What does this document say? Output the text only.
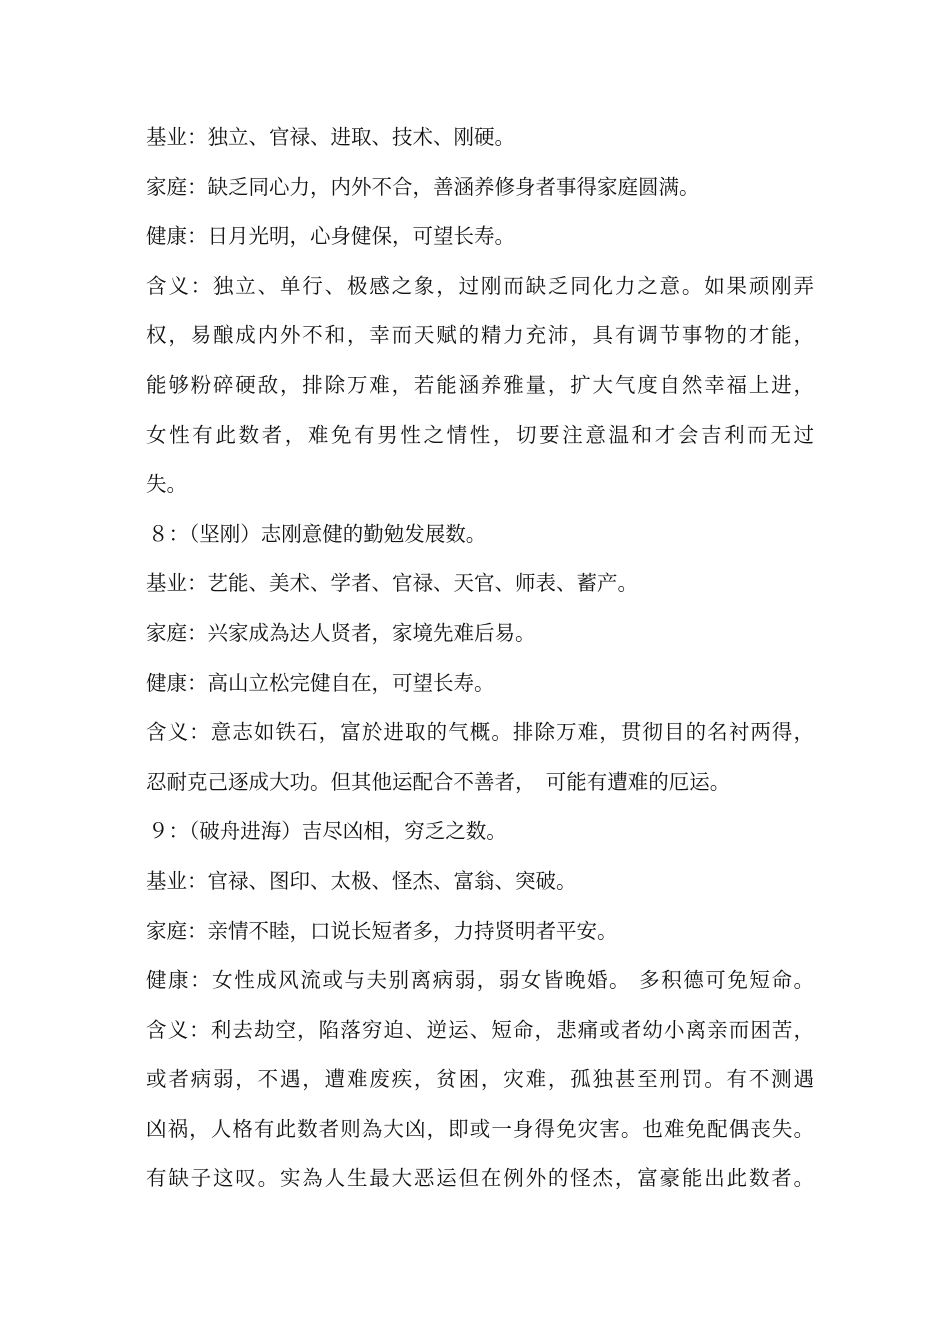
基业：独立、官禄、进取、技术、刚硬。
家庭：缺乏同心力，内外不合，善涵养修身者事得家庭圆满。
健康：日月光明，心身健保，可望长寿。
含义：独立、单行、极感之象，过刚而缺乏同化力之意。如果顽刚弄
权，易酿成内外不和，幸而天赋的精力充沛，具有调节事物的才能，
能够粉碎硬敌，排除万难，若能涵养雅量，扩大气度自然幸福上进，
女性有此数者，难免有男性之情性，切要注意温和才会吉利而无过
失。
８：（坚刚）志刚意健的勤勉发展数。
基业：艺能、美术、学者、官禄、天官、师表、蓄产。
家庭：兴家成為达人贤者，家境先难后易。
健康：高山立松完健自在，可望长寿。
含义：意志如铁石，富於进取的气概。排除万难，贯彻目的名衬两得，
忍耐克己逐成大功。但其他运配合不善者，　可能有遭难的厄运。
９：（破舟进海）吉尽凶相，穷乏之数。
基业：官禄、图印、太极、怪杰、富翁、突破。
家庭：亲情不睦，口说长短者多，力持贤明者平安。
健康：女性成风流或与夫别离病弱，弱女皆晚婚。 多积德可免短命。
含义：利去劫空，陷落穷迫、逆运、短命，悲痛或者幼小离亲而困苦，
或者病弱，不遇，遭难废疾，贫困，灾难，孤独甚至刑罚。有不测遇
凶祸，人格有此数者则為大凶，即或一身得免灾害。也难免配偶丧失。
有缺子这叹。实為人生最大恶运但在例外的怪杰，富豪能出此数者。
